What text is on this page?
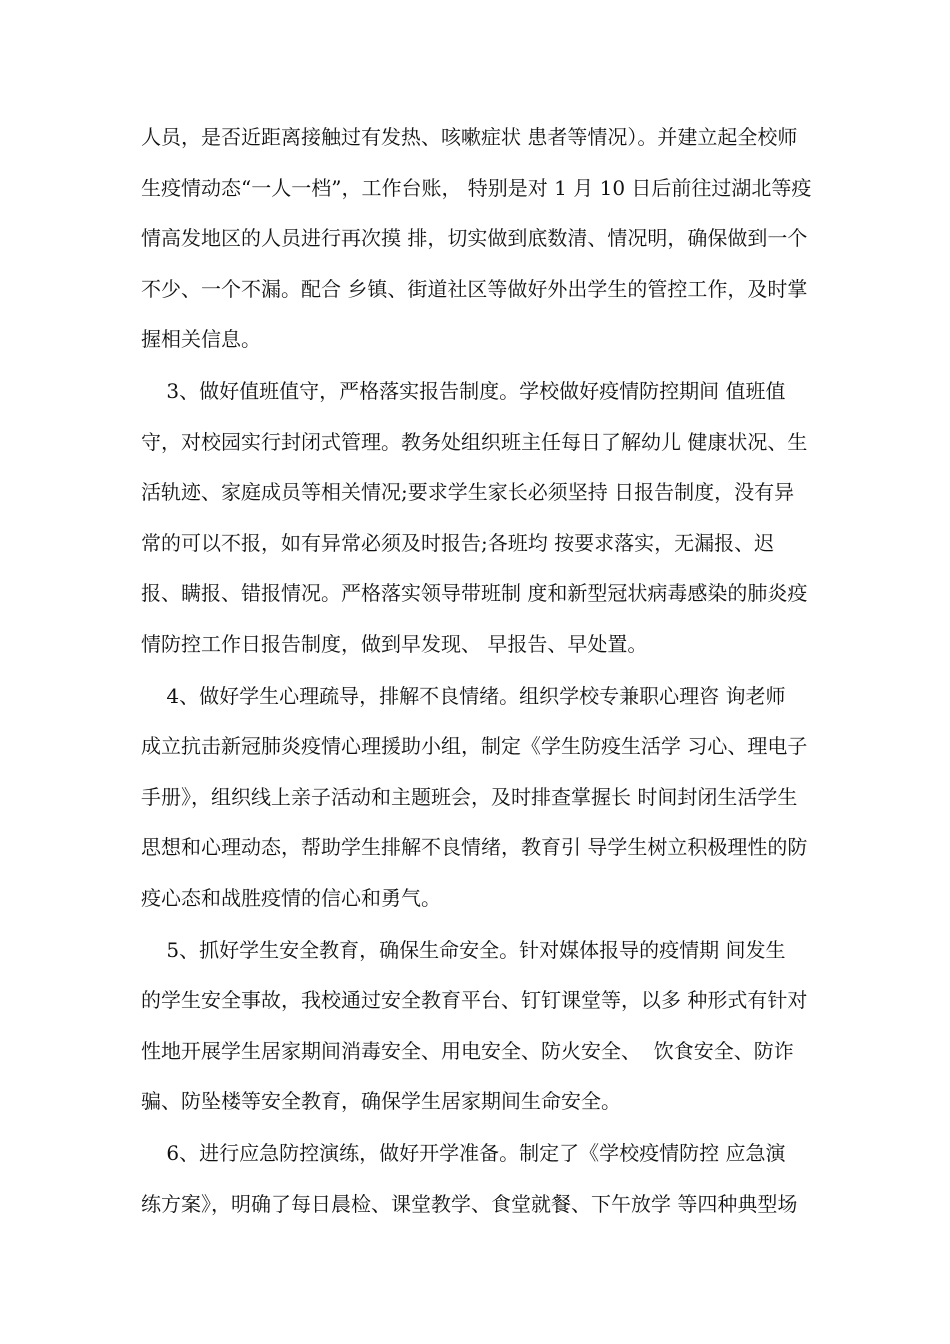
人员，是否近距离接触过有发热、咳嗽症状 患者等情况）。并建立起全校师
生疫情动态“一人一档”，工作台账， 特别是对 1 月 10 日后前往过湖北等疫
情高发地区的人员进行再次摸 排，切实做到底数清、情况明，确保做到一个
不少、一个不漏。配合 乡镇、街道社区等做好外出学生的管控工作，及时掌
握相关信息。
3、做好值班值守，严格落实报告制度。学校做好疫情防控期间 值班值
守，对校园实行封闭式管理。教务处组织班主任每日了解幼儿 健康状况、生
活轨迹、家庭成员等相关情况;要求学生家长必须坚持 日报告制度，没有异
常的可以不报，如有异常必须及时报告;各班均 按要求落实，无漏报、迟
报、瞒报、错报情况。严格落实领导带班制 度和新型冠状病毒感染的肺炎疫
情防控工作日报告制度，做到早发现、 早报告、早处置。
4、做好学生心理疏导，排解不良情绪。组织学校专兼职心理咨 询老师
成立抗击新冠肺炎疫情心理援助小组，制定《学生防疫生活学 习心、理电子
手册》，组织线上亲子活动和主题班会，及时排查掌握长 时间封闭生活学生
思想和心理动态，帮助学生排解不良情绪，教育引 导学生树立积极理性的防
疫心态和战胜疫情的信心和勇气。
5、抓好学生安全教育，确保生命安全。针对媒体报导的疫情期 间发生
的学生安全事故，我校通过安全教育平台、钉钉课堂等，以多 种形式有针对
性地开展学生居家期间消毒安全、用电安全、防火安全、  饮食安全、防诈
骗、防坠楼等安全教育，确保学生居家期间生命安全。
6、进行应急防控演练，做好开学准备。制定了《学校疫情防控 应急演
练方案》，明确了每日晨检、课堂教学、食堂就餐、下午放学 等四种典型场
